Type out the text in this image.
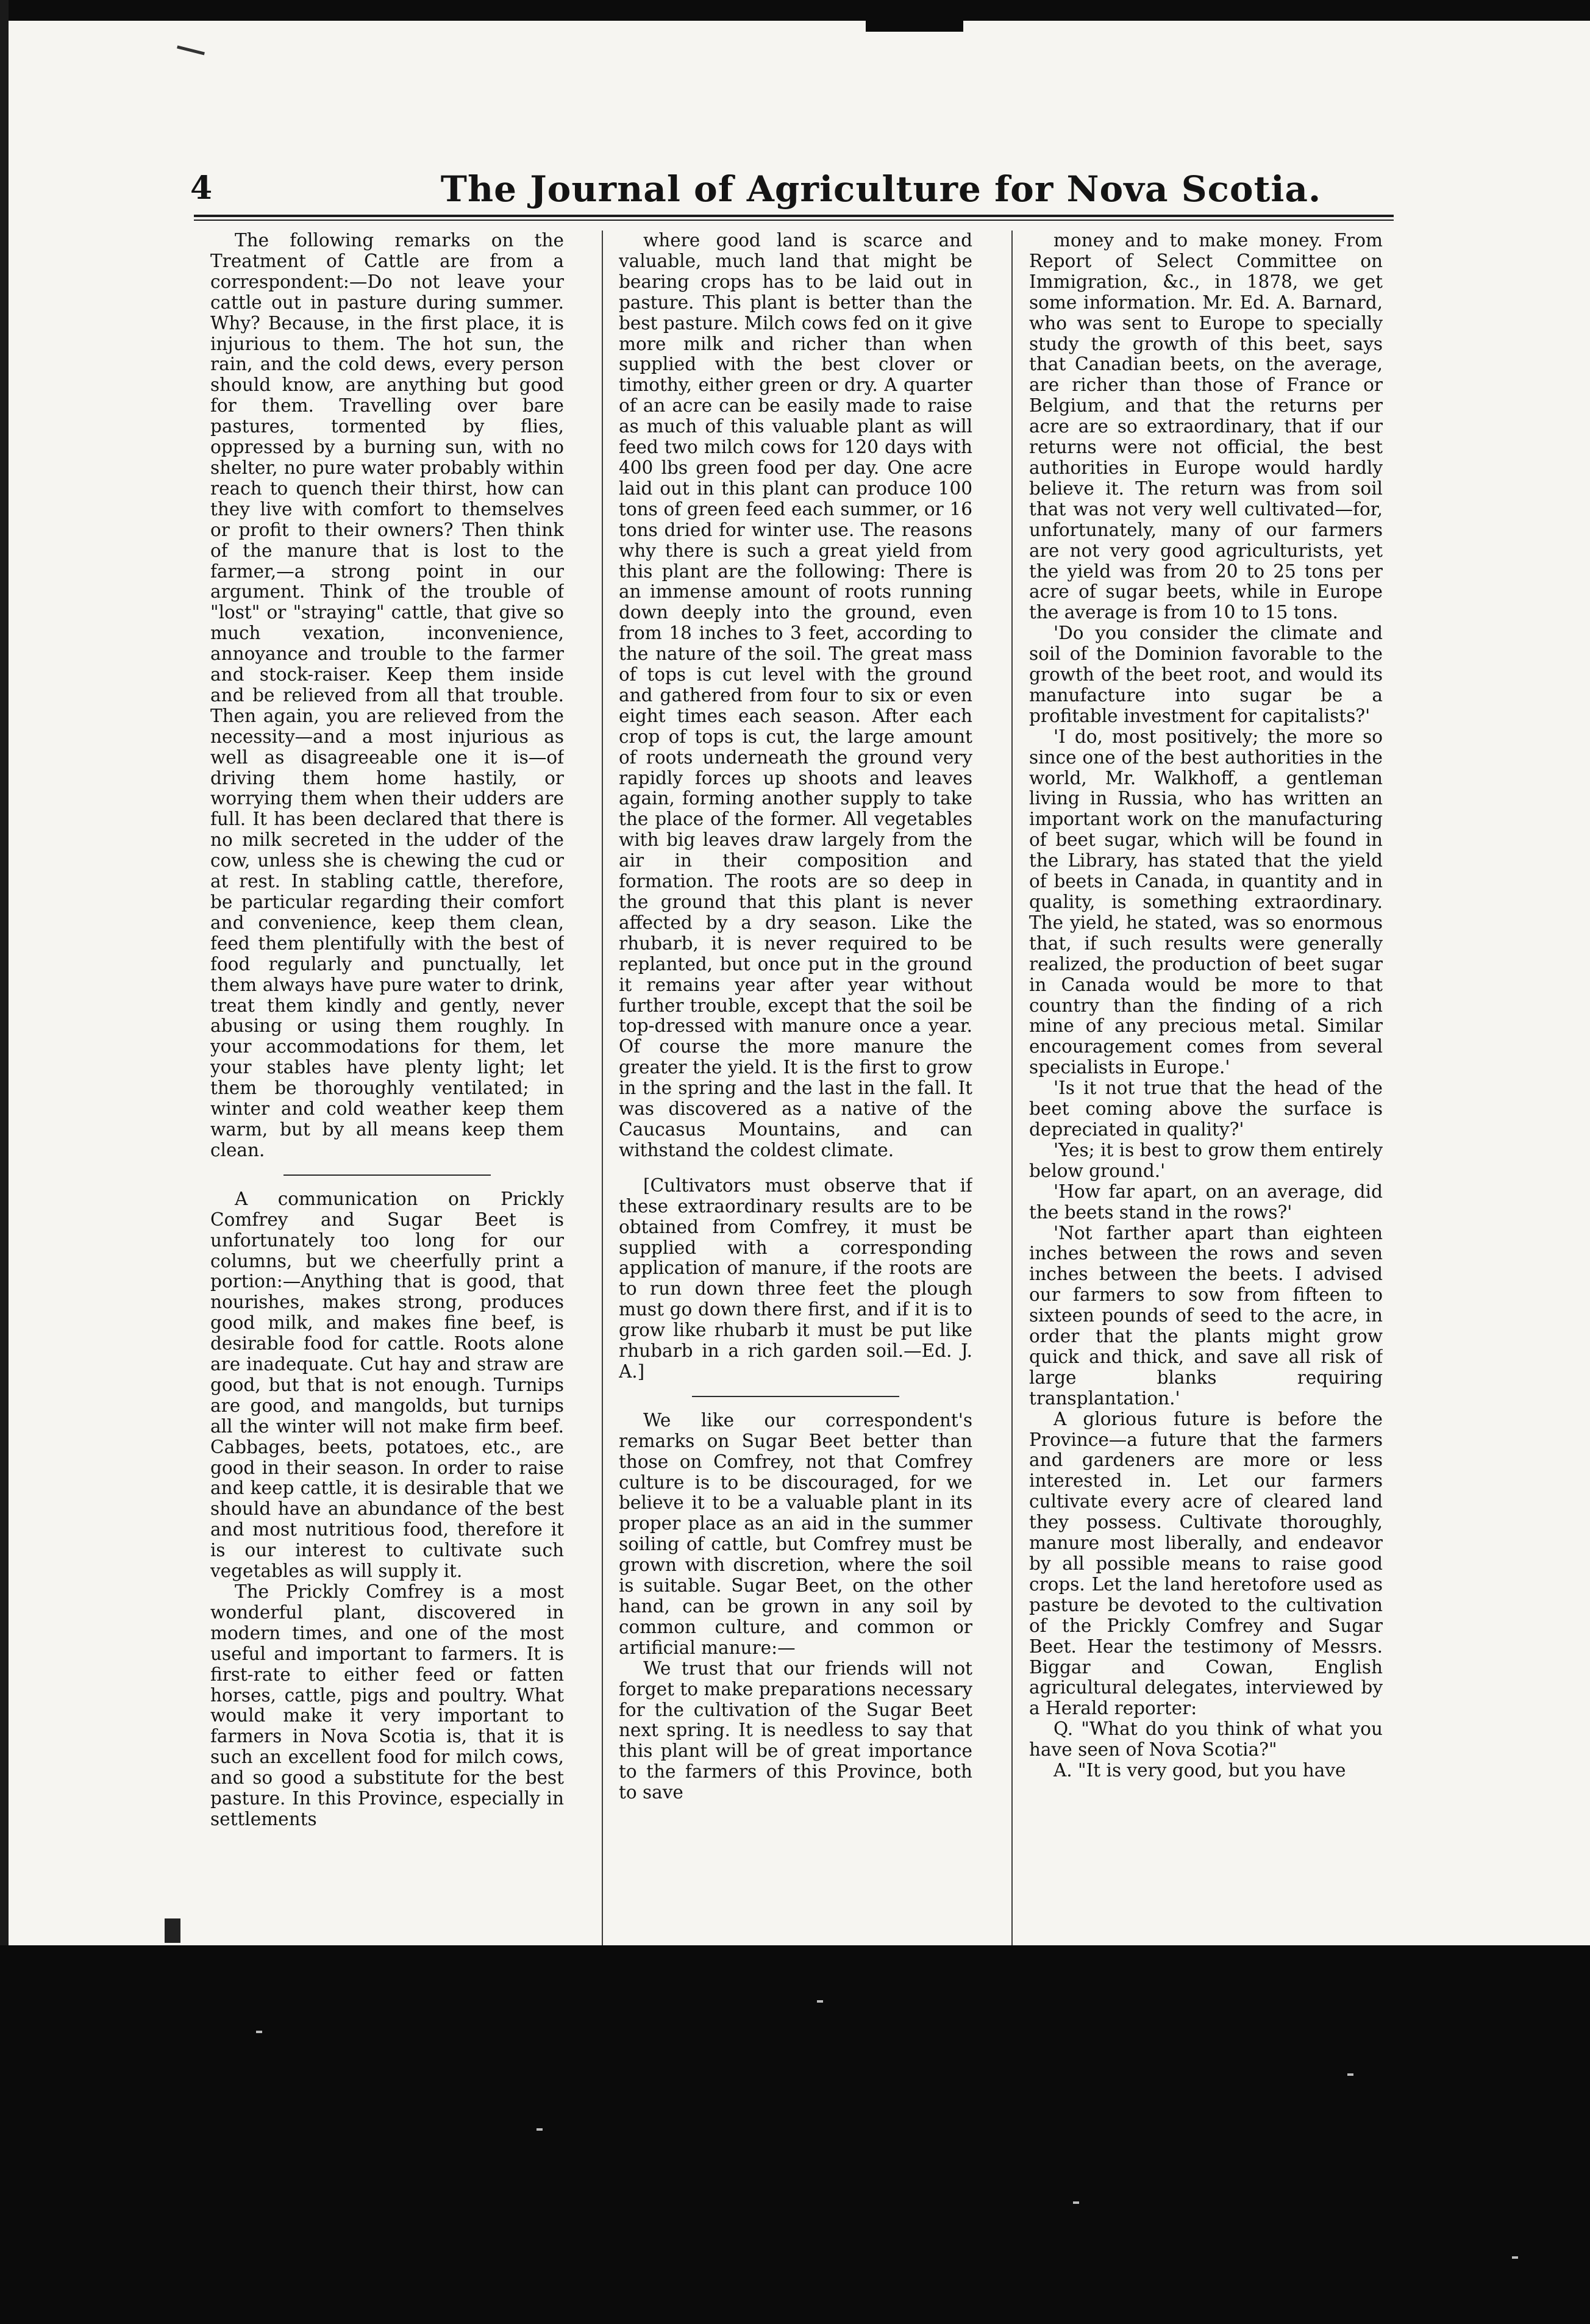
4	The Journal of Agriculture for Nova Scotia.

The following remarks on the Treatment of Cattle are from a correspondent:—Do not leave your cattle out in pasture during summer. Why? Because, in the first place, it is injurious to them. The hot sun, the rain, and the cold dews, every person should know, are anything but good for them. Travelling over bare pastures, tormented by flies, oppressed by a burning sun, with no shelter, no pure water probably within reach to quench their thirst, how can they live with comfort to themselves or profit to their owners? Then think of the manure that is lost to the farmer,—a strong point in our argument. Think of the trouble of "lost" or "straying" cattle, that give so much vexation, inconvenience, annoyance and trouble to the farmer and stock-raiser. Keep them inside and be relieved from all that trouble. Then again, you are relieved from the necessity—and a most injurious as well as disagreeable one it is—of driving them home hastily, or worrying them when their udders are full. It has been declared that there is no milk secreted in the udder of the cow, unless she is chewing the cud or at rest. In stabling cattle, therefore, be particular regarding their comfort and convenience, keep them clean, feed them plentifully with the best of food regularly and punctually, let them always have pure water to drink, treat them kindly and gently, never abusing or using them roughly. In your accommodations for them, let your stables have plenty light; let them be thoroughly ventilated; in winter and cold weather keep them warm, but by all means keep them clean.

A communication on Prickly Comfrey and Sugar Beet is unfortunately too long for our columns, but we cheerfully print a portion:—Anything that is good, that nourishes, makes strong, produces good milk, and makes fine beef, is desirable food for cattle. Roots alone are inadequate. Cut hay and straw are good, but that is not enough. Turnips are good, and mangolds, but turnips all the winter will not make firm beef. Cabbages, beets, potatoes, etc., are good in their season. In order to raise and keep cattle, it is desirable that we should have an abundance of the best and most nutritious food, therefore it is our interest to cultivate such vegetables as will supply it.

The Prickly Comfrey is a most wonderful plant, discovered in modern times, and one of the most useful and important to farmers. It is first-rate to either feed or fatten horses, cattle, pigs and poultry. What would make it very important to farmers in Nova Scotia is, that it is such an excellent food for milch cows, and so good a substitute for the best pasture. In this Province, especially in settlements

where good land is scarce and valuable, much land that might be bearing crops has to be laid out in pasture. This plant is better than the best pasture. Milch cows fed on it give more milk and richer than when supplied with the best clover or timothy, either green or dry. A quarter of an acre can be easily made to raise as much of this valuable plant as will feed two milch cows for 120 days with 400 lbs green food per day. One acre laid out in this plant can produce 100 tons of green feed each summer, or 16 tons dried for winter use. The reasons why there is such a great yield from this plant are the following: There is an immense amount of roots running down deeply into the ground, even from 18 inches to 3 feet, according to the nature of the soil. The great mass of tops is cut level with the ground and gathered from four to six or even eight times each season. After each crop of tops is cut, the large amount of roots underneath the ground very rapidly forces up shoots and leaves again, forming another supply to take the place of the former. All vegetables with big leaves draw largely from the air in their composition and formation. The roots are so deep in the ground that this plant is never affected by a dry season. Like the rhubarb, it is never required to be replanted, but once put in the ground it remains year after year without further trouble, except that the soil be top-dressed with manure once a year. Of course the more manure the greater the yield. It is the first to grow in the spring and the last in the fall. It was discovered as a native of the Caucasus Mountains, and can withstand the coldest climate.

[Cultivators must observe that if these extraordinary results are to be obtained from Comfrey, it must be supplied with a corresponding application of manure, if the roots are to run down three feet the plough must go down there first, and if it is to grow like rhubarb it must be put like rhubarb in a rich garden soil.—Ed. J. A.]

We like our correspondent's remarks on Sugar Beet better than those on Comfrey, not that Comfrey culture is to be discouraged, for we believe it to be a valuable plant in its proper place as an aid in the summer soiling of cattle, but Comfrey must be grown with discretion, where the soil is suitable. Sugar Beet, on the other hand, can be grown in any soil by common culture, and common or artificial manure:—

We trust that our friends will not forget to make preparations necessary for the cultivation of the Sugar Beet next spring. It is needless to say that this plant will be of great importance to the farmers of this Province, both to save

money and to make money. From Report of Select Committee on Immigration, &c., in 1878, we get some information. Mr. Ed. A. Barnard, who was sent to Europe to specially study the growth of this beet, says that Canadian beets, on the average, are richer than those of France or Belgium, and that the returns per acre are so extraordinary, that if our returns were not official, the best authorities in Europe would hardly believe it. The return was from soil that was not very well cultivated—for, unfortunately, many of our farmers are not very good agriculturists, yet the yield was from 20 to 25 tons per acre of sugar beets, while in Europe the average is from 10 to 15 tons.

'Do you consider the climate and soil of the Dominion favorable to the growth of the beet root, and would its manufacture into sugar be a profitable investment for capitalists?'

'I do, most positively; the more so since one of the best authorities in the world, Mr. Walkhoff, a gentleman living in Russia, who has written an important work on the manufacturing of beet sugar, which will be found in the Library, has stated that the yield of beets in Canada, in quantity and in quality, is something extraordinary. The yield, he stated, was so enormous that, if such results were generally realized, the production of beet sugar in Canada would be more to that country than the finding of a rich mine of any precious metal. Similar encouragement comes from several specialists in Europe.'

'Is it not true that the head of the beet coming above the surface is depreciated in quality?'

'Yes; it is best to grow them entirely below ground.'

'How far apart, on an average, did the beets stand in the rows?'

'Not farther apart than eighteen inches between the rows and seven inches between the beets. I advised our farmers to sow from fifteen to sixteen pounds of seed to the acre, in order that the plants might grow quick and thick, and save all risk of large blanks requiring transplantation.'

A glorious future is before the Province—a future that the farmers and gardeners are more or less interested in. Let our farmers cultivate every acre of cleared land they possess. Cultivate thoroughly, manure most liberally, and endeavor by all possible means to raise good crops. Let the land heretofore used as pasture be devoted to the cultivation of the Prickly Comfrey and Sugar Beet. Hear the testimony of Messrs. Biggar and Cowan, English agricultural delegates, interviewed by a Herald reporter:

Q. "What do you think of what you have seen of Nova Scotia?"

A. "It is very good, but you have
